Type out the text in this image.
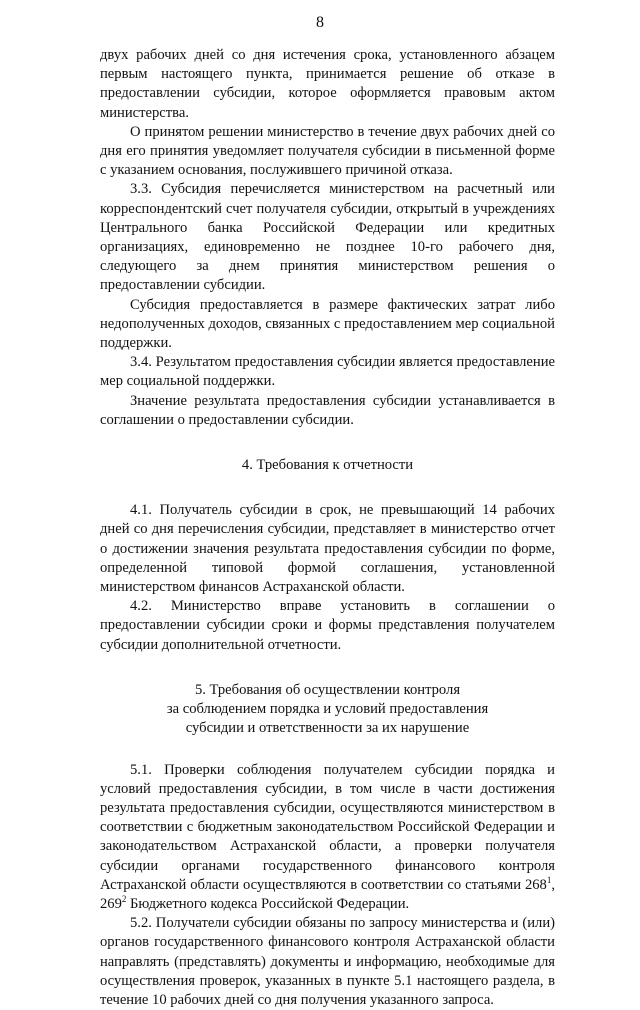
8

двух рабочих дней со дня истечения срока, установленного абзацем первым настоящего пункта, принимается решение об отказе в предоставлении субсидии, которое оформляется правовым актом министерства.

О принятом решении министерство в течение двух рабочих дней со дня его принятия уведомляет получателя субсидии в письменной форме с указанием основания, послужившего причиной отказа.

3.3. Субсидия перечисляется министерством на расчетный или корреспондентский счет получателя субсидии, открытый в учреждениях Центрального банка Российской Федерации или кредитных организациях, единовременно не позднее 10-го рабочего дня, следующего за днем принятия министерством решения о предоставлении субсидии.

Субсидия предоставляется в размере фактических затрат либо недополученных доходов, связанных с предоставлением мер социальной поддержки.

3.4. Результатом предоставления субсидии является предоставление мер социальной поддержки.

Значение результата предоставления субсидии устанавливается в соглашении о предоставлении субсидии.

4. Требования к отчетности

4.1. Получатель субсидии в срок, не превышающий 14 рабочих дней со дня перечисления субсидии, представляет в министерство отчет о достижении значения результата предоставления субсидии по форме, определенной типовой формой соглашения, установленной министерством финансов Астраханской области.

4.2. Министерство вправе установить в соглашении о предоставлении субсидии сроки и формы представления получателем субсидии дополнительной отчетности.

5. Требования об осуществлении контроля
за соблюдением порядка и условий предоставления
субсидии и ответственности за их нарушение

5.1. Проверки соблюдения получателем субсидии порядка и условий предоставления субсидии, в том числе в части достижения результата предоставления субсидии, осуществляются министерством в соответствии с бюджетным законодательством Российской Федерации и законодательством Астраханской области, а проверки получателя субсидии органами государственного финансового контроля Астраханской области осуществляются в соответствии со статьями $268^1$, $269^2$ Бюджетного кодекса Российской Федерации.

5.2. Получатели субсидии обязаны по запросу министерства и (или) органов государственного финансового контроля Астраханской области направлять (представлять) документы и информацию, необходимые для осуществления проверок, указанных в пункте 5.1 настоящего раздела, в течение 10 рабочих дней со дня получения указанного запроса.
